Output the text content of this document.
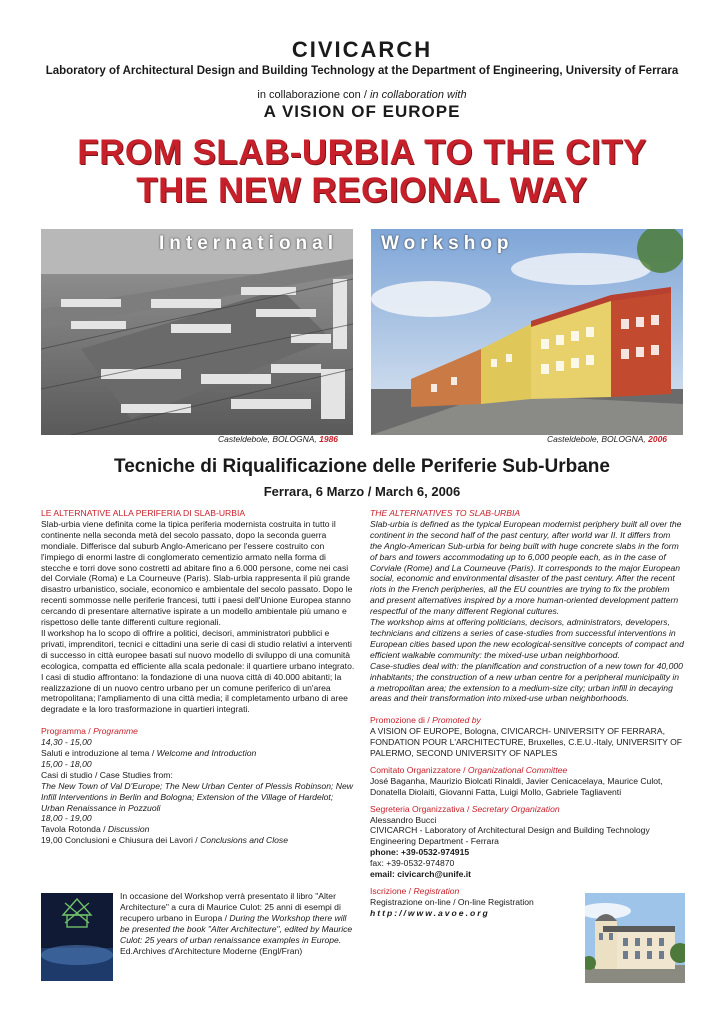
CIVICARCH
Laboratory of Architectural Design and Building Technology at the Department of Engineering, University of Ferrara
in collaborazione con / in collaboration with
A VISION OF EUROPE
FROM SLAB-URBIA TO THE CITY
THE NEW REGIONAL WAY
International
Casteldebole, BOLOGNA, 1986
Workshop
Casteldebole, BOLOGNA, 2006
Tecniche di Riqualificazione delle Periferie Sub-Urbane
Ferrara, 6 Marzo / March 6, 2006

LE ALTERNATIVE ALLA PERIFERIA DI SLAB-URBIA

Slab-urbia viene definita come la tipica periferia modernista costruita in tutto il continente nella seconda metà del secolo passato, dopo la seconda guerra mondiale. Differisce dal suburb Anglo-Americano per l'essere costruito con l'impiego di enormi lastre di conglomerato cementizio armato nella forma di stecche e torri dove sono costretti ad abitare fino a 6.000 persone, come nei casi del Corviale (Roma) e La Courneuve (Paris). Slab-urbia rappresenta il più grande disastro urbanistico, sociale, economico e ambientale del secolo passato. Dopo le recenti sommosse nelle periferie francesi, tutti i paesi dell'Unione Europea stanno cercando di presentare alternative ispirate a un modello ambientale più umano e rispettoso delle tante differenti culture regionali.

Il workshop ha lo scopo di offrire a politici, decisori, amministratori pubblici e privati, imprenditori, tecnici e cittadini una serie di casi di studio relativi a interventi di successo in città europee basati sul nuovo modello di sviluppo di una comunità ecologica, compatta ed efficiente alla scala pedonale: il quartiere urbano integrato.

I casi di studio affrontano: la fondazione di una nuova città di 40.000 abitanti; la realizzazione di un nuovo centro urbano per un comune periferico di un'area metropolitana; l'ampliamento di una città media; il completamento urbano di aree degradate e la loro trasformazione in quartieri integrati.

Programma / Programme

14,30 - 15,00

Saluti e introduzione al tema / Welcome and Introduction

15,00 - 18,00

Casi di studio / Case Studies from:

The New Town of Val D'Europe; The New Urban Center of Plessis Robinson; New Infill Interventions in Berlin and Bologna; Extension of the Village of Hardelot; Urban Renaissance in Pozzuoli

18,00 - 19,00

Tavola Rotonda / Discussion

19,00 Conclusioni e Chiusura dei Lavori / Conclusions and Close

In occasione del Workshop verrà presentato il libro "Alter Architecture" a cura di Maurice Culot: 25 anni di esempi di recupero urbano in Europa / During the Workshop there will be presented the book "Alter Architecture", edited by Maurice Culot: 25 years of urban renaissance examples in Europe.

Ed.Archives d'Architecture Moderne (Engl/Fran)

THE ALTERNATIVES TO SLAB-URBIA

Slab-urbia is defined as the typical European modernist periphery built all over the continent in the second half of the past century, after world war II. It differs from the Anglo-American Sub-urbia for being built with huge concrete slabs in the form of bars and towers accommodating up to 6,000 people each, as in the case of Corviale (Rome) and La Courneuve (Paris). It corresponds to the major European social, economic and environmental disaster of the past century. After the recent riots in the French peripheries, all the EU countries are trying to fix the problem and present alternatives inspired by a more human-oriented development pattern respectful of the many different Regional cultures.

The workshop aims at offering politicians, decisors, administrators, developers, technicians and citizens a series of case-studies from successful interventions in European cities based upon the new ecological-sensitive concepts of compact and efficient walkable community: the mixed-use urban neighborhood.

Case-studies deal with: the planification and construction of a new town for 40,000 inhabitants; the construction of a new urban centre for a peripheral municipality in a metropolitan area; the extension to a medium-size city; urban infill in decaying areas and their transformation into mixed-use urban neighborhoods.

Promozione di / Promoted by

A VISION OF EUROPE, Bologna, CIVICARCH- UNIVERSITY OF FERRARA, FONDATION POUR L'ARCHITECTURE, Bruxelles, C.E.U.-Italy, UNIVERSITY OF PALERMO, SECOND UNIVERSITY OF NAPLES

Comitato Organizzatore / Organizational Committee

José Baganha, Maurizio Biolcati Rinaldi, Javier Cenicacelaya, Maurice Culot, Donatella Diolaiti, Giovanni Fatta, Luigi Mollo, Gabriele Tagliaventi

Segreteria Organizzativa / Secretary Organization

Alessandro Bucci

CIVICARCH - Laboratory of Architectural Design and Building Technology

Engineering Department - Ferrara

phone: +39-0532-974915

fax: +39-0532-974870

email: civicarch@unife.it

Iscrizione / Registration

Registrazione on-line / On-line Registration

http://www.avoe.org
